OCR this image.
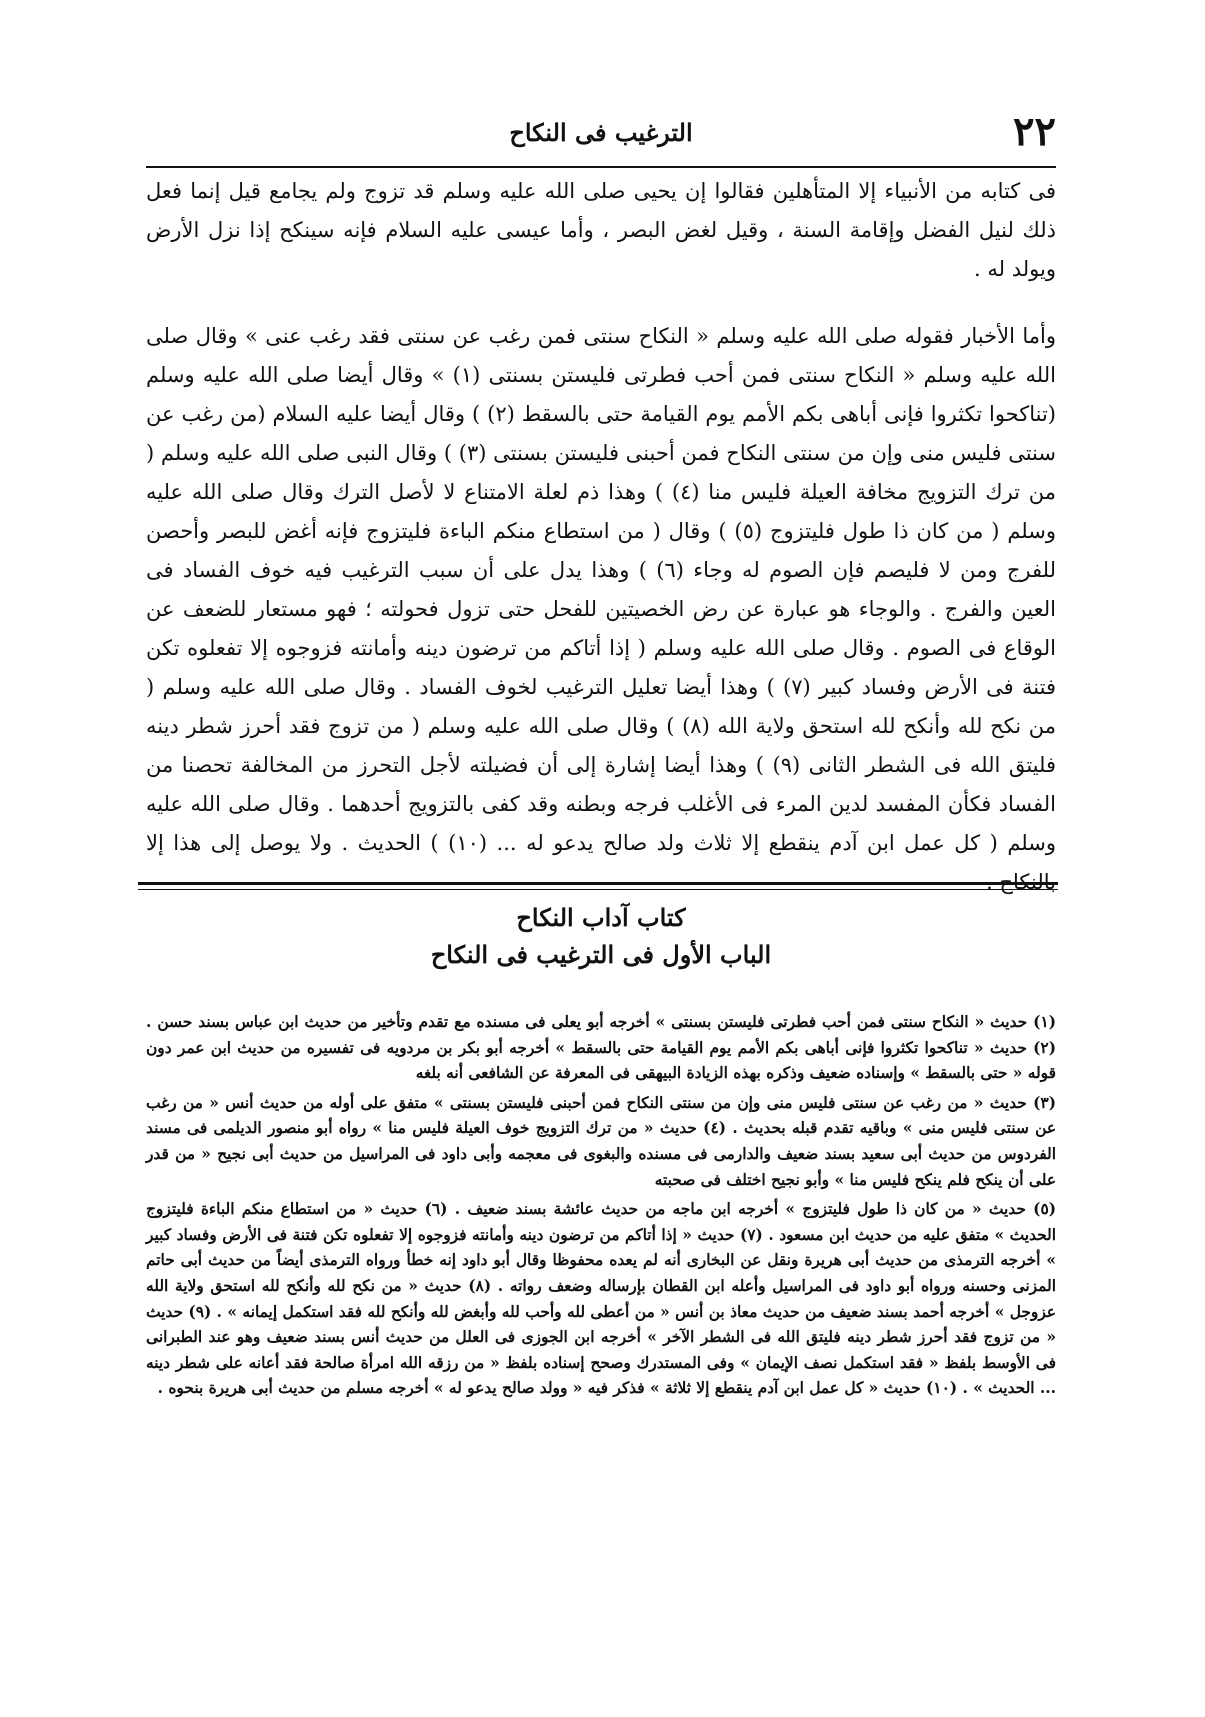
٢٢
الترغيب فى النكاح

فى كتابه من الأنبياء إلا المتأهلين فقالوا إن يحيى صلى الله عليه وسلم قد تزوج ولم يجامع قيل إنما فعل ذلك لنيل الفضل وإقامة السنة ، وقيل لغض البصر ، وأما عيسى عليه السلام فإنه سينكح إذا نزل الأرض ويولد له .

وأما الأخبار فقوله صلى الله عليه وسلم « النكاح سنتى فمن رغب عن سنتى فقد رغب عنى » وقال صلى الله عليه وسلم « النكاح سنتى فمن أحب فطرتى فليستن بسنتى (١) » وقال أيضا صلى الله عليه وسلم (تناكحوا تكثروا فإنى أباهى بكم الأمم يوم القيامة حتى بالسقط (٢) ) وقال أيضا عليه السلام (من رغب عن سنتى فليس منى وإن من سنتى النكاح فمن أحبنى فليستن بسنتى (٣) ) وقال النبى صلى الله عليه وسلم ( من ترك التزويج مخافة العيلة فليس منا (٤) ) وهذا ذم لعلة الامتناع لا لأصل الترك وقال صلى الله عليه وسلم ( من كان ذا طول فليتزوج (٥) ) وقال ( من استطاع منكم الباءة فليتزوج فإنه أغض للبصر وأحصن للفرج ومن لا فليصم فإن الصوم له وجاء (٦) ) وهذا يدل على أن سبب الترغيب فيه خوف الفساد فى العين والفرج . والوجاء هو عبارة عن رض الخصيتين للفحل حتى تزول فحولته ؛ فهو مستعار للضعف عن الوقاع فى الصوم . وقال صلى الله عليه وسلم ( إذا أتاكم من ترضون دينه وأمانته فزوجوه إلا تفعلوه تكن فتنة فى الأرض وفساد كبير (٧) ) وهذا أيضا تعليل الترغيب لخوف الفساد . وقال صلى الله عليه وسلم ( من نكح لله وأنكح لله استحق ولاية الله (٨) ) وقال صلى الله عليه وسلم ( من تزوج فقد أحرز شطر دينه فليتق الله فى الشطر الثانى (٩) ) وهذا أيضا إشارة إلى أن فضيلته لأجل التحرز من المخالفة تحصنا من الفساد فكأن المفسد لدين المرء فى الأغلب فرجه وبطنه وقد كفى بالتزويج أحدهما . وقال صلى الله عليه وسلم ( كل عمل ابن آدم ينقطع إلا ثلاث ولد صالح يدعو له ... (١٠) ) الحديث . ولا يوصل إلى هذا إلا بالنكاح .

كتاب آداب النكاح
الباب الأول فى الترغيب فى النكاح

(١) حديث « النكاح سنتى فمن أحب فطرتى فليستن بسنتى » أخرجه أبو يعلى فى مسنده مع تقدم وتأخير من حديث ابن عباس بسند حسن . (٢) حديث « تناكحوا تكثروا فإنى أباهى بكم الأمم يوم القيامة حتى بالسقط » أخرجه أبو بكر بن مردويه فى تفسيره من حديث ابن عمر دون قوله « حتى بالسقط » وإسناده ضعيف وذكره بهذه الزيادة البيهقى فى المعرفة عن الشافعى أنه بلغه

(٣) حديث « من رغب عن سنتى فليس منى وإن من سنتى النكاح فمن أحبنى فليستن بسنتى » متفق على أوله من حديث أنس « من رغب عن سنتى فليس منى » وباقيه تقدم قبله بحديث . (٤) حديث « من ترك التزويج خوف العيلة فليس منا » رواه أبو منصور الديلمى فى مسند الفردوس من حديث أبى سعيد بسند ضعيف والدارمى فى مسنده والبغوى فى معجمه وأبى داود فى المراسيل من حديث أبى نجيح « من قدر على أن ينكح فلم ينكح فليس منا » وأبو نجيح اختلف فى صحبته

(٥) حديث « من كان ذا طول فليتزوج » أخرجه ابن ماجه من حديث عائشة بسند ضعيف . (٦) حديث « من استطاع منكم الباءة فليتزوج الحديث » متفق عليه من حديث ابن مسعود . (٧) حديث « إذا أتاكم من ترضون دينه وأمانته فزوجوه إلا تفعلوه تكن فتنة فى الأرض وفساد كبير » أخرجه الترمذى من حديث أبى هريرة ونقل عن البخارى أنه لم يعده محفوظا وقال أبو داود إنه خطأ ورواه الترمذى أيضاً من حديث أبى حاتم المزنى وحسنه ورواه أبو داود فى المراسيل وأعله ابن القطان بإرساله وضعف رواته . (٨) حديث « من نكح لله وأنكح لله استحق ولاية الله عزوجل » أخرجه أحمد بسند ضعيف من حديث معاذ بن أنس « من أعطى لله وأحب لله وأبغض لله وأنكح لله فقد استكمل إيمانه » . (٩) حديث « من تزوج فقد أحرز شطر دينه فليتق الله فى الشطر الآخر » أخرجه ابن الجوزى فى العلل من حديث أنس بسند ضعيف وهو عند الطبرانى فى الأوسط بلفظ « فقد استكمل نصف الإيمان » وفى المستدرك وصحح إسناده بلفظ « من رزقه الله امرأة صالحة فقد أعانه على شطر دينه ... الحديث » . (١٠) حديث « كل عمل ابن آدم ينقطع إلا ثلاثة » فذكر فيه « وولد صالح يدعو له » أخرجه مسلم من حديث أبى هريرة بنحوه .
